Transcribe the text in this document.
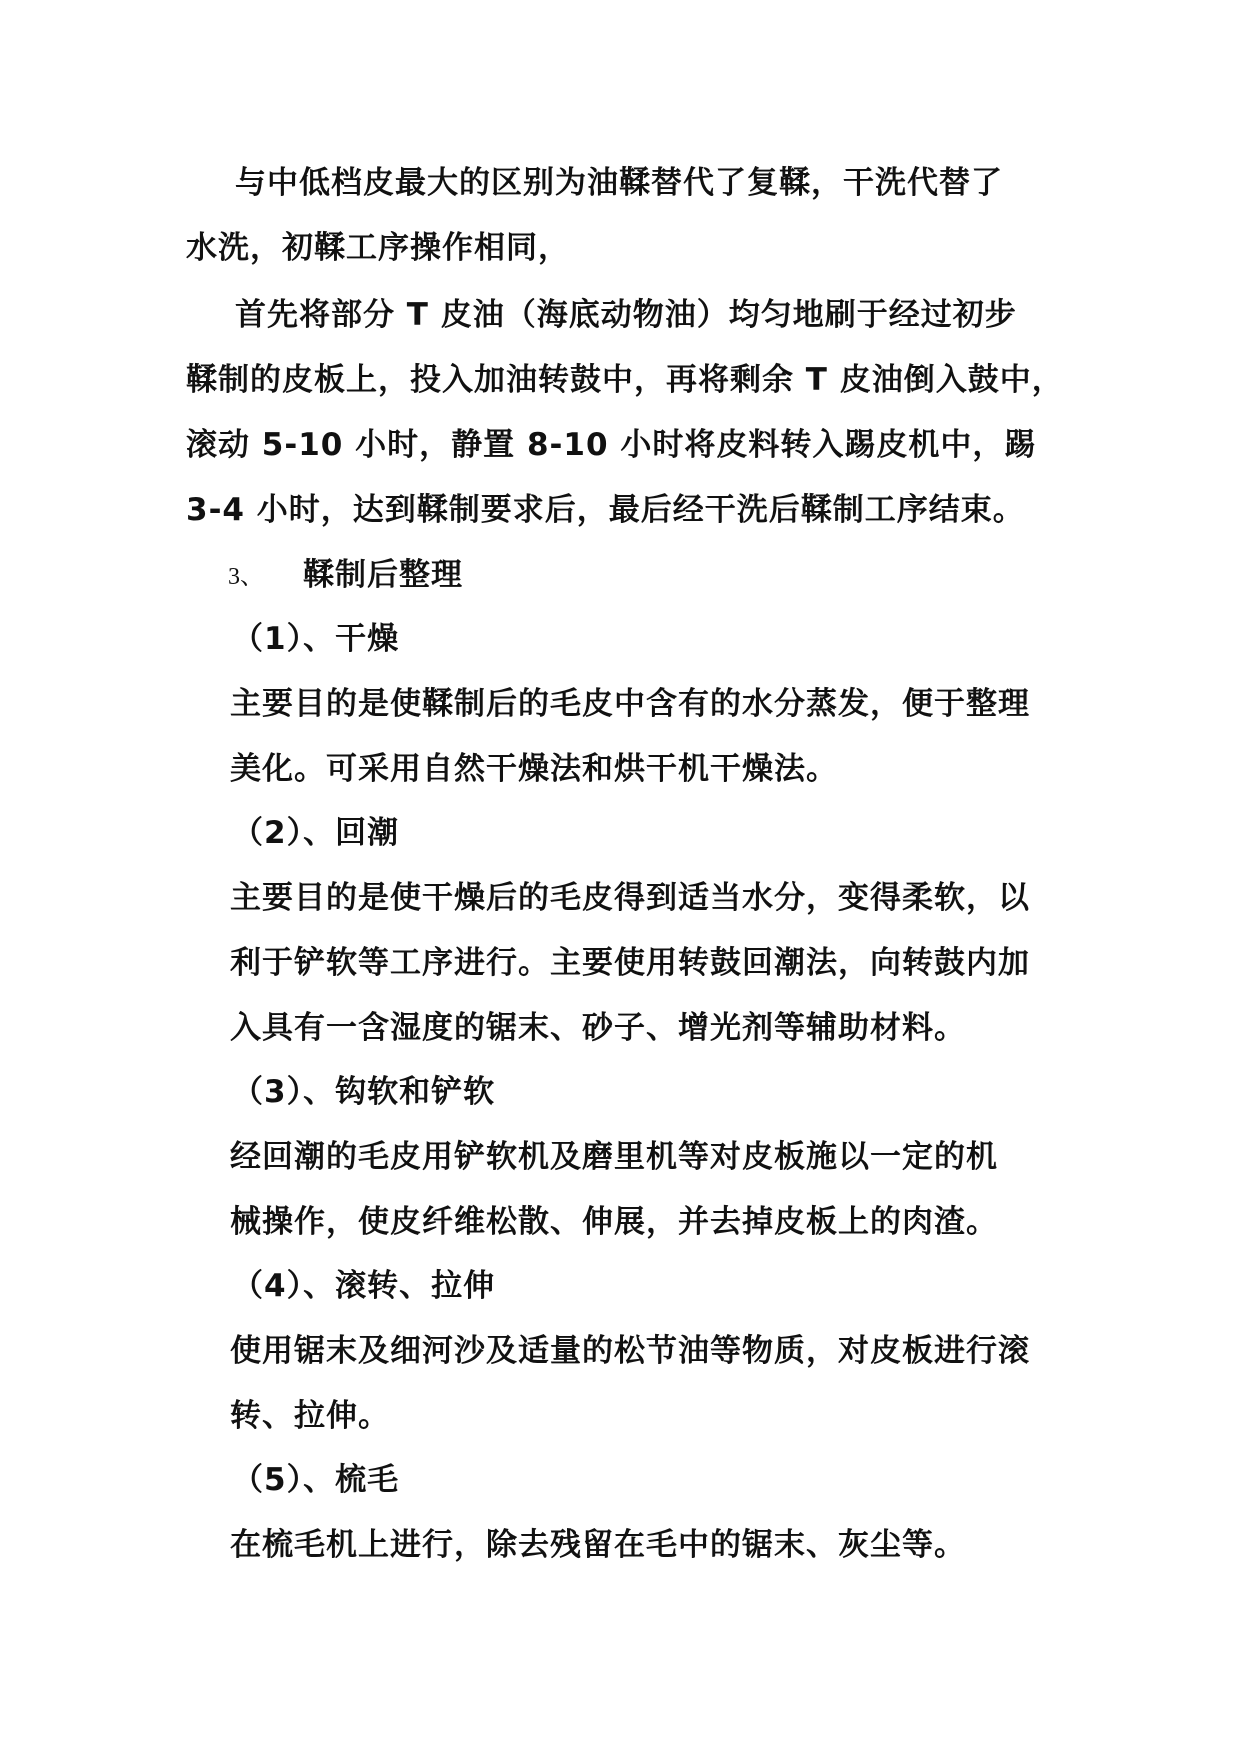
与中低档皮最大的区别为油鞣替代了复鞣，干洗代替了
水洗，初鞣工序操作相同，
首先将部分 T 皮油（海底动物油）均匀地刷于经过初步
鞣制的皮板上，投入加油转鼓中，再将剩余 T 皮油倒入鼓中，
滚动 5-10 小时，静置 8-10 小时将皮料转入踢皮机中，踢
3-4 小时，达到鞣制要求后，最后经干洗后鞣制工序结束。
3、 鞣制后整理
（1）、干燥
主要目的是使鞣制后的毛皮中含有的水分蒸发，便于整理
美化。可采用自然干燥法和烘干机干燥法。
（2）、回潮
主要目的是使干燥后的毛皮得到适当水分，变得柔软，以
利于铲软等工序进行。主要使用转鼓回潮法，向转鼓内加
入具有一含湿度的锯末、砂子、增光剂等辅助材料。
（3）、钩软和铲软
经回潮的毛皮用铲软机及磨里机等对皮板施以一定的机
械操作，使皮纤维松散、伸展，并去掉皮板上的肉渣。
（4）、滚转、拉伸
使用锯末及细河沙及适量的松节油等物质，对皮板进行滚
转、拉伸。
（5）、梳毛
在梳毛机上进行，除去残留在毛中的锯末、灰尘等。
